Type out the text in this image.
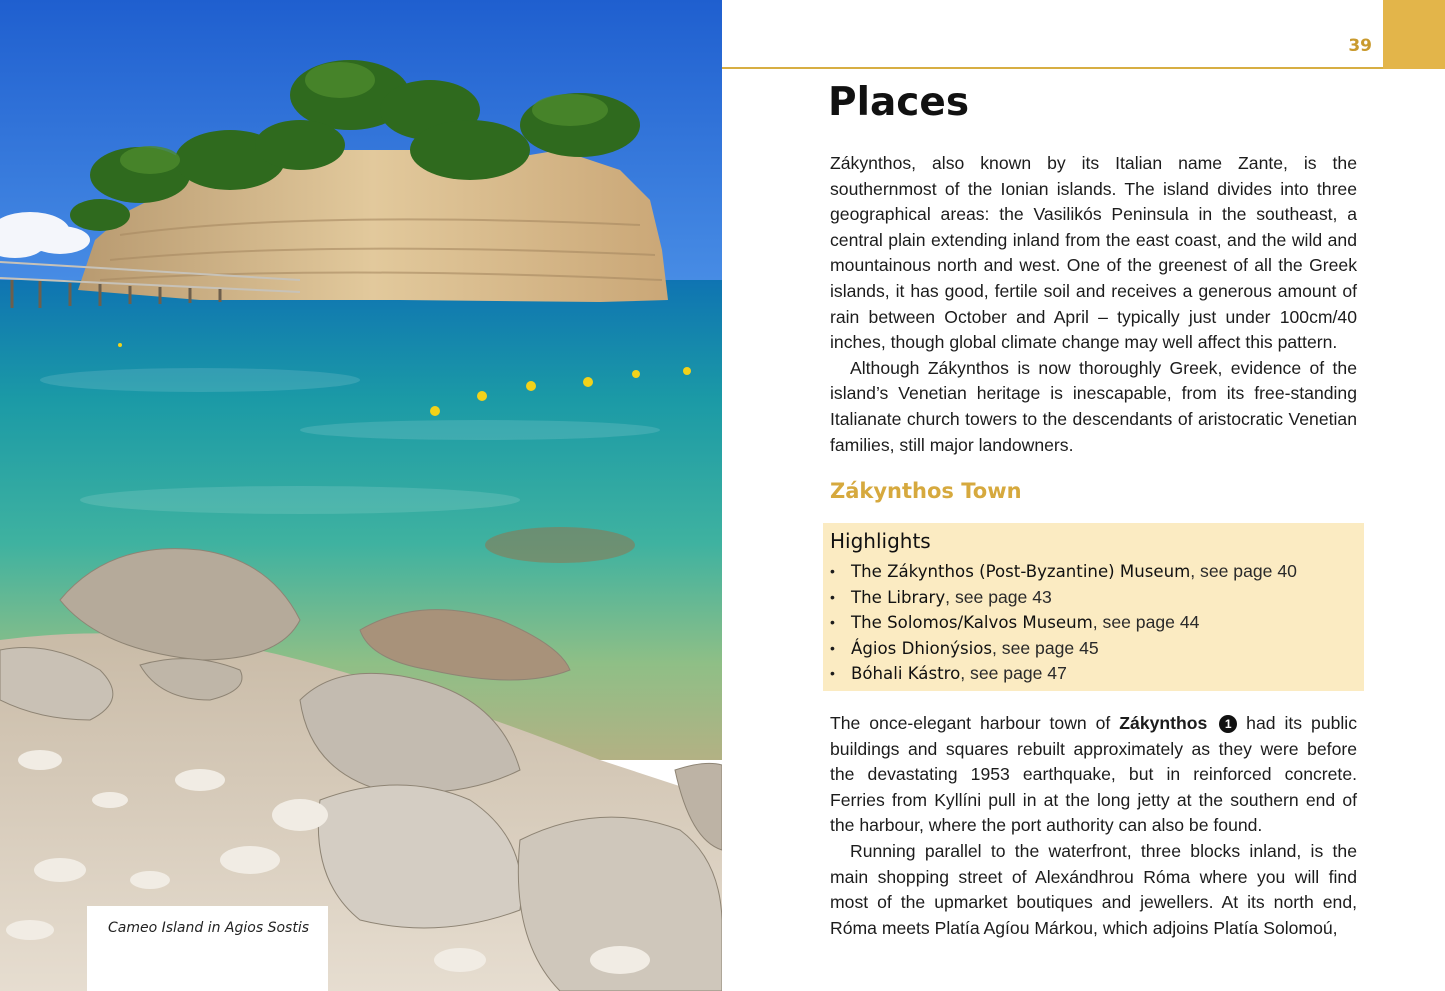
Cameo Island in Agios Sostis
39
Places

Zákynthos, also known by its Italian name Zante, is the southernmost of the Ionian islands. The island divides into three geographical areas: the Vasilikós Peninsula in the southeast, a central plain extending inland from the east coast, and the wild and mountainous north and west. One of the greenest of all the Greek islands, it has good, fertile soil and receives a generous amount of rain between October and April – typically just under 100cm/40 inches, though global climate change may well affect this pattern.

Although Zákynthos is now thoroughly Greek, evidence of the island’s Venetian heritage is inescapable, from its free-standing Italianate church towers to the descendants of aristocratic Venetian families, still major landowners.

Zákynthos Town
Highlights
• The Zákynthos (Post-Byzantine) Museum, see page 40
• The Library, see page 43
• The Solomos/Kalvos Museum, see page 44
• Ágios Dhionýsios, see page 45
• Bóhali Kástro, see page 47

The once-elegant harbour town of Zákynthos 1 had its public buildings and squares rebuilt approximately as they were before the devastating 1953 earthquake, but in reinforced concrete. Ferries from Kyllíni pull in at the long jetty at the southern end of the harbour, where the port authority can also be found.

Running parallel to the waterfront, three blocks inland, is the main shopping street of Alexándhrou Róma where you will find most of the upmarket boutiques and jewellers. At its north end, Róma meets Platía Agíou Márkou, which adjoins Platía Solomoú,
